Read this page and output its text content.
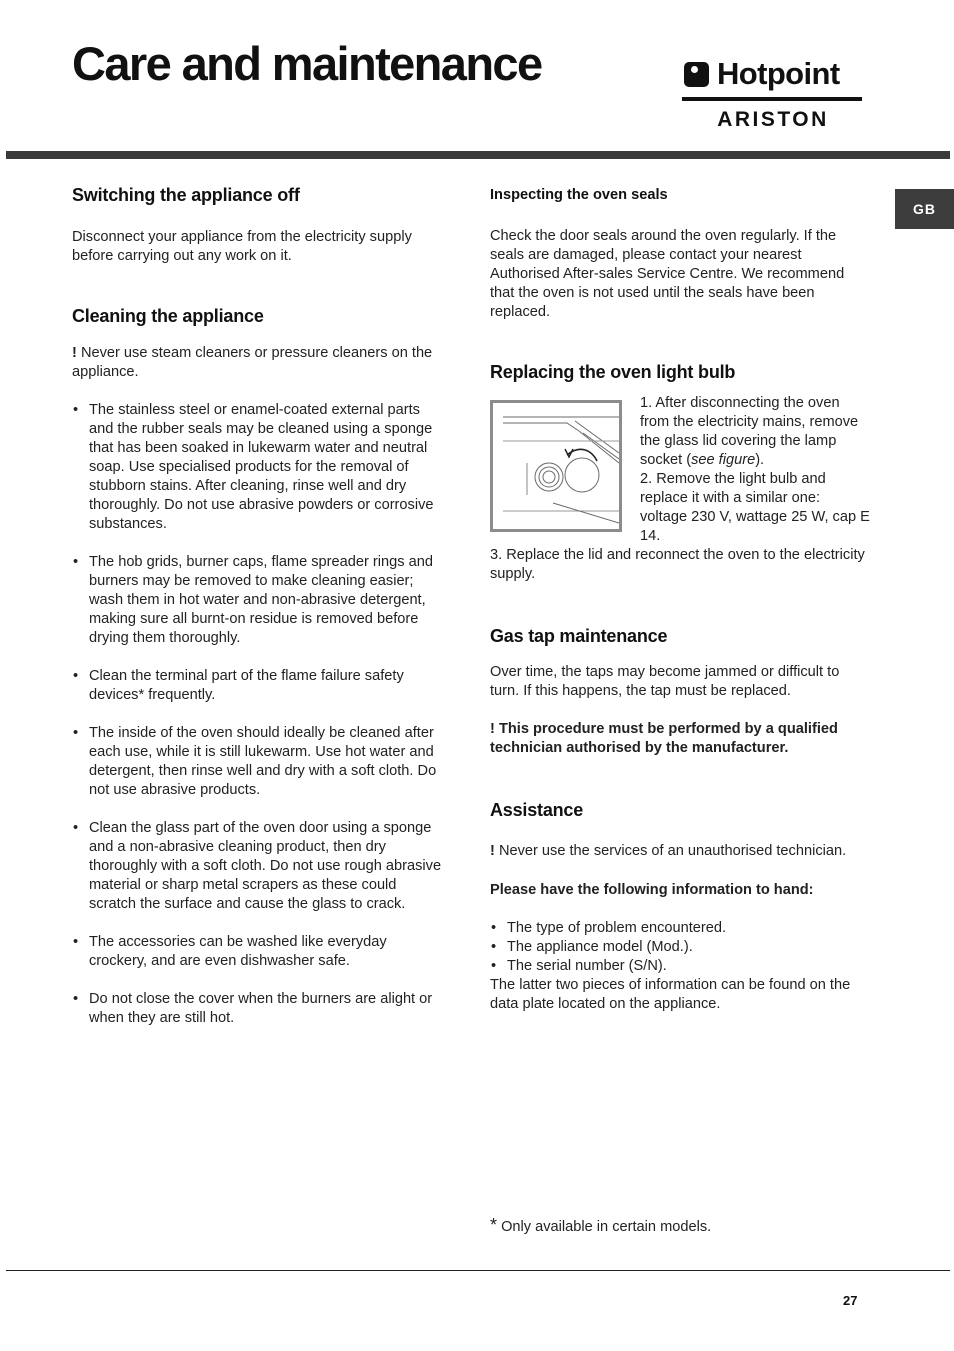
Care and maintenance	Hotpoint
ARISTON
GB
Switching the appliance off

Disconnect your appliance from the electricity supply before carrying out any work on it.

Cleaning the appliance

! Never use steam cleaners or pressure cleaners on the appliance.

• The stainless steel or enamel-coated external parts and the rubber seals may be cleaned using a sponge that has been soaked in lukewarm water and neutral soap. Use specialised products for the removal of stubborn stains. After cleaning, rinse well and dry thoroughly. Do not use abrasive powders or corrosive substances.
• The hob grids, burner caps, flame spreader rings and burners may be removed to make cleaning easier; wash them in hot water and non-abrasive detergent, making sure all burnt-on residue is removed before drying them thoroughly.
• Clean the terminal part of the flame failure safety devices* frequently.
• The inside of the oven should ideally be cleaned after each use, while it is still lukewarm. Use hot water and detergent, then rinse well and dry with a soft cloth. Do not use abrasive products.
• Clean the glass part of the oven door using a sponge and a non-abrasive cleaning product, then dry thoroughly with a soft cloth. Do not use rough abrasive material or sharp metal scrapers as these could scratch the surface and cause the glass to crack.
• The accessories can be washed like everyday crockery, and are even dishwasher safe.
• Do not close the cover when the burners are alight or when they are still hot.
Inspecting the oven seals

Check the door seals around the oven regularly. If the seals are damaged, please contact your nearest Authorised After-sales Service Centre. We recommend that the oven is not used until the seals have been replaced.

Replacing the oven light bulb

1. After disconnecting the oven from the electricity mains, remove the glass lid covering the lamp socket (see figure).

2. Remove the light bulb and replace it with a similar one: voltage 230 V, wattage 25 W, cap E 14.

3. Replace the lid and reconnect the oven to the electricity supply.

Gas tap maintenance

Over time, the taps may become jammed or difficult to turn. If this happens, the tap must be replaced.

! This procedure must be performed by a qualified technician authorised by the manufacturer.

Assistance

! Never use the services of an unauthorised technician.

Please have the following information to hand:

• The type of problem encountered.
• The appliance model (Mod.).
• The serial number (S/N).

The latter two pieces of information can be found on the data plate located on the appliance.

* Only available in certain models.
27
